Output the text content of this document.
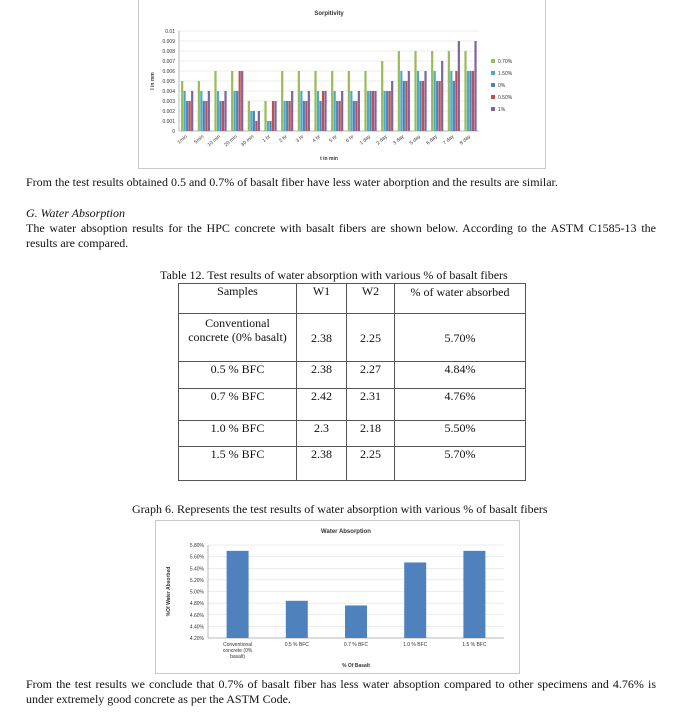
Sorpitivity
0
0.001
0.002
0.003
0.004
0.005
0.006
0.007
0.008
0.009
0.01
1min 5min 10 min 20 min 30 min 1 hr 2 hr 3 hr 4 hr 5 hr 6 hr 1 day 2 day 3 day 5 day 6 day 7 day 8 day
t in min
I in mm
0.70%
1.50%
0%
0.50%
1%
From the test results obtained 0.5 and 0.7% of basalt fiber have less water aborption and the results are similar.
G. Water Absorption
The water absoption results for the HPC concrete with basalt fibers are shown below. According to the ASTM C1585-13 the results are compared.
Table 12. Test results of water absorption with various % of basalt fibers
Samples	W1	W2	% of water absorbed
Conventional concrete (0% basalt)	2.38	2.25	5.70%
0.5 % BFC	2.38	2.27	4.84%
0.7 % BFC	2.42	2.31	4.76%
1.0 % BFC	2.3	2.18	5.50%
1.5 % BFC	2.38	2.25	5.70%
Graph 6. Represents the test results of water absorption with various % of basalt fibers
Water Absorption
4.20%
4.40%
4.60%
4.80%
5.00%
5.20%
5.40%
5.60%
5.80%
Conventional concrete (0% basalt)
0.5 % BFC	0.7 % BFC	1.0 % BFC	1.5 % BFC
% Of Basalt
%Of Water Absorbed
From the test results we conclude that 0.7% of basalt fiber has less water absoption compared to other specimens and 4.76% is under extremely good concrete as per the ASTM Code.
